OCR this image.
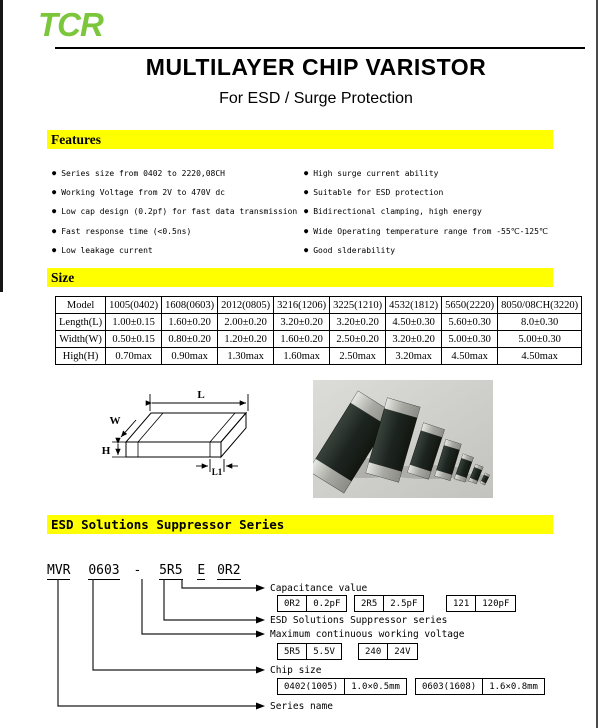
TCR
MULTILAYER CHIP VARISTOR
For ESD / Surge Protection
Features
● Series size from 0402 to 2220,08CH
● Working Voltage from 2V to 470V dc
● Low cap design (0.2pf) for fast data transmission
● Fast response time (<0.5ns)
● Low leakage current
● High surge current ability
● Suitable for ESD protection
● Bidirectional clamping, high energy
● Wide Operating temperature range from -55℃-125℃
● Good slderability
Size
Model	1005(0402)	1608(0603)	2012(0805)	3216(1206)	3225(1210)	4532(1812)	5650(2220)	8050/08CH(3220)
Length(L)	1.00±0.15	1.60±0.20	2.00±0.20	3.20±0.20	3.20±0.20	4.50±0.30	5.60±0.30	8.0±0.30
Width(W)	0.50±0.15	0.80±0.20	1.20±0.20	1.60±0.20	2.50±0.20	3.20±0.20	5.00±0.30	5.00±0.30
High(H)	0.70max	0.90max	1.30max	1.60max	2.50max	3.20max	4.50max	4.50max
L
W
H
L1
ESD Solutions Suppressor Series
MVR 0603 - 5R5 E 0R2
Capacitance value
0R2	0.2pF 2R5	2.5pF	121	120pF
ESD Solutions Suppressor series
Maximum continuous working voltage
5R5	5.5V	240	24V
Chip size
0402(1005)	1.0×0.5mm 0603(1608)	1.6×0.8mm
Series name
